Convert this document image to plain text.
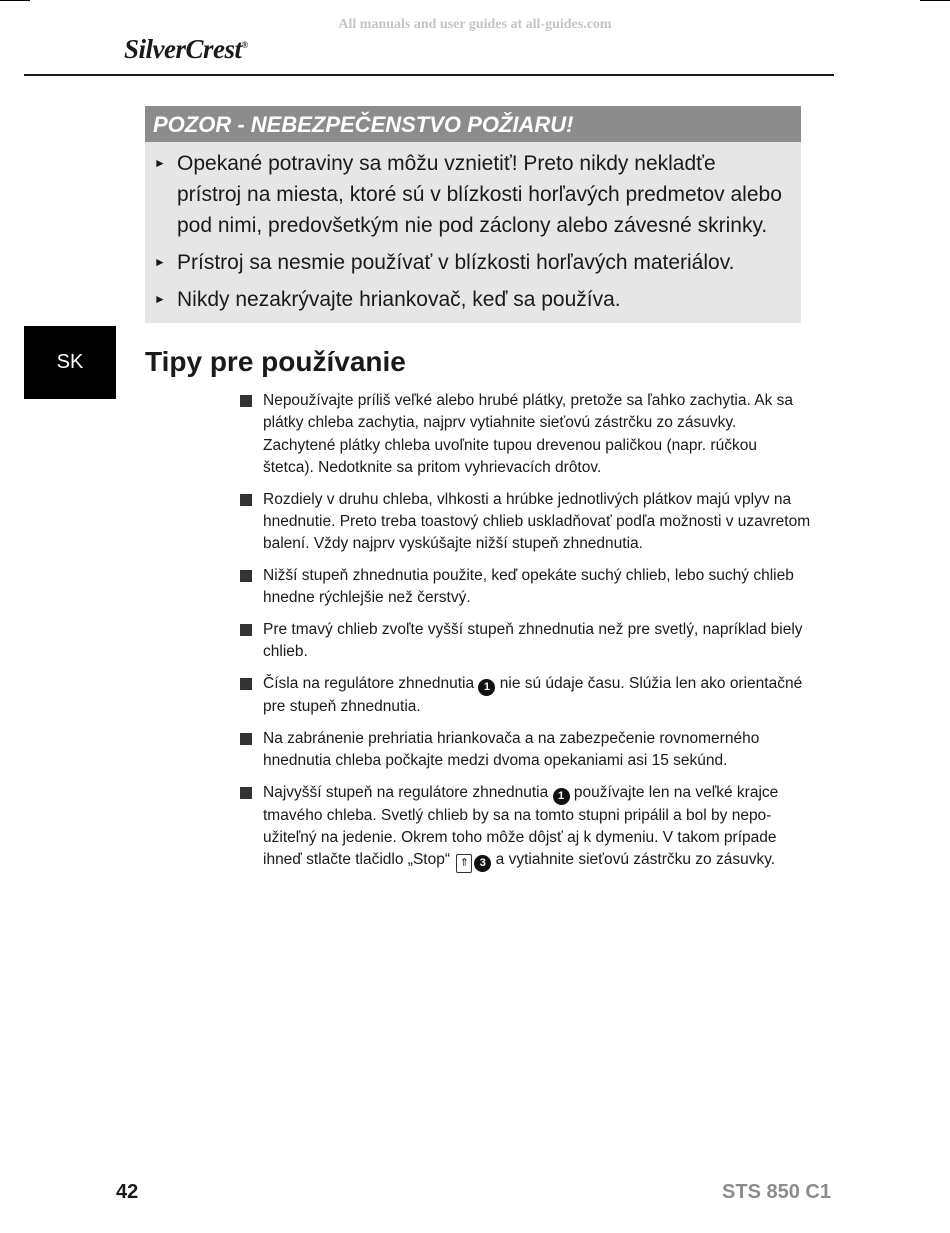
All manuals and user guides at all-guides.com
SilverCrest®
POZOR - NEBEZPEČENSTVO POŽIARU!
► Opekané potraviny sa môžu vznietiť! Preto nikdy nekladťe prístroj na miesta, ktoré sú v blízkosti horľavých predmetov alebo pod nimi, predovšetkým nie pod záclony alebo závesné skrinky.
► Prístroj sa nesmie používať v blízkosti horľavých materiálov.
► Nikdy nezakrývajte hriankovač, keď sa používa.
SK	Tipy pre používanie
Nepoužívajte príliš veľké alebo hrubé plátky, pretože sa ľahko zachytia. Ak sa plátky chleba zachytia, najprv vytiahnite sieťovú zástrčku zo zásuvky. Zachytené plátky chleba uvoľnite tupou drevenou paličkou (napr. rúčkou štetca). Nedotknite sa pritom vyhrievacích drôtov.
Rozdiely v druhu chleba, vlhkosti a hrúbke jednotlivých plátkov majú vplyv na hnednutie. Preto treba toastový chlieb uskladňovať podľa možnosti v uzavretom balení. Vždy najprv vyskúšajte nižší stupeň zhnednutia.
Nižší stupeň zhnednutia použite, keď opekáte suchý chlieb, lebo suchý chlieb hnedne rýchlejšie než čerstvý.
Pre tmavý chlieb zvoľte vyšší stupeň zhnednutia než pre svetlý, napríklad biely chlieb.
Čísla na regulátore zhnednutia 1 nie sú údaje času. Slúžia len ako orientačné pre stupeň zhnednutia.
Na zabránenie prehriatia hriankovača a na zabezpečenie rovnomerného hnednutia chleba počkajte medzi dvoma opekaniami asi 15 sekúnd.
Najvyšší stupeň na regulátore zhnednutia 1 používajte len na veľké krajce tmavého chleba. Svetlý chlieb by sa na tomto stupni pripálil a bol by nepo-užiteľný na jedenie. Okrem toho môže dôjsť aj k dymeniu. V takom prípade ihneď stlačte tlačidlo „Stop“ ⇑ 3 a vytiahnite sieťovú zástrčku zo zásuvky.
42	STS 850 C1
